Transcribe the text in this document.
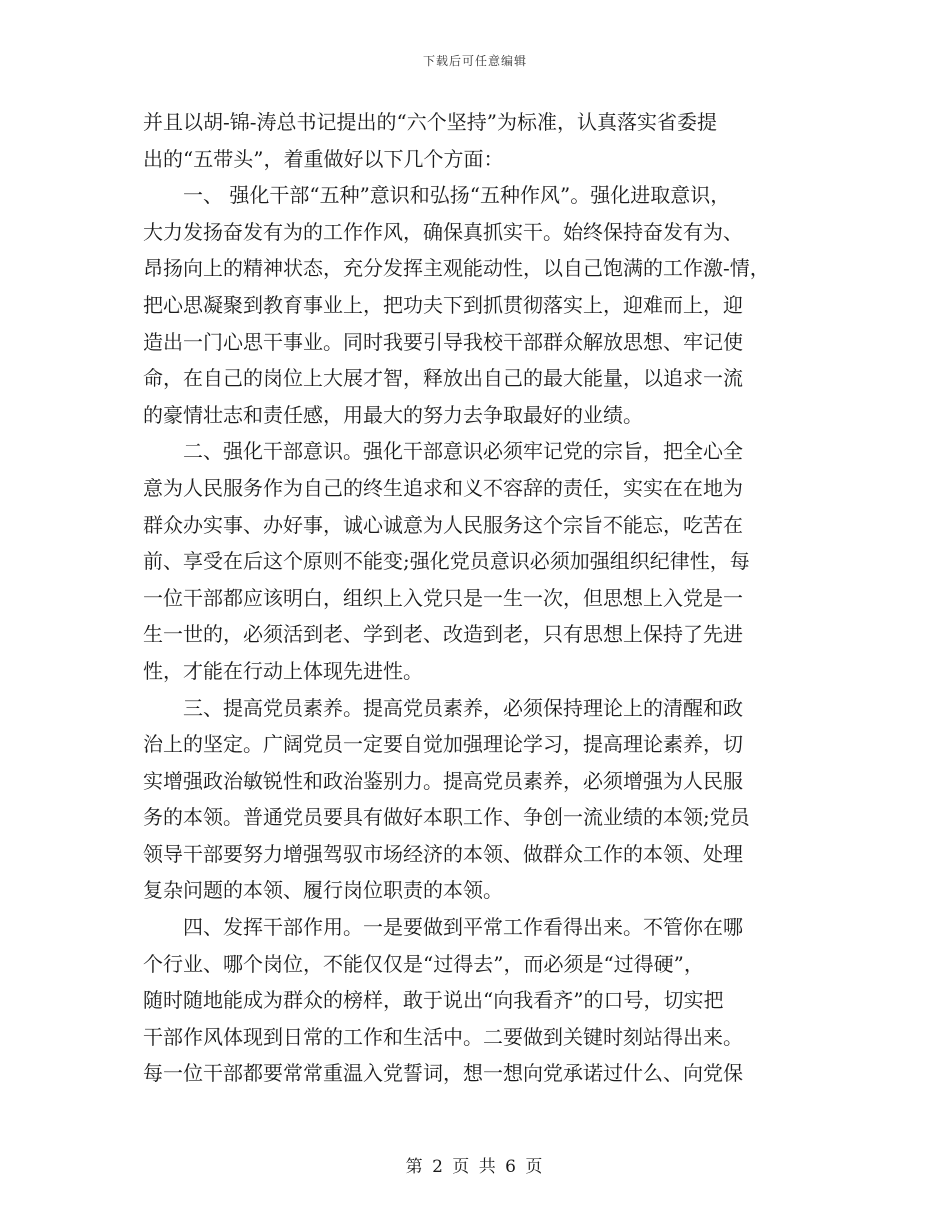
下载后可任意编辑
并且以胡-锦-涛总书记提出的“六个坚持”为标准，认真落实省委提
出的“五带头”，着重做好以下几个方面：
　　一、 强化干部“五种”意识和弘扬“五种作风”。强化进取意识，
大力发扬奋发有为的工作作风，确保真抓实干。始终保持奋发有为、
昂扬向上的精神状态，充分发挥主观能动性，以自己饱满的工作激-情，
把心思凝聚到教育事业上，把功夫下到抓贯彻落实上，迎难而上，迎
造出一门心思干事业。同时我要引导我校干部群众解放思想、牢记使
命，在自己的岗位上大展才智，释放出自己的最大能量，以追求一流
的豪情壮志和责任感，用最大的努力去争取最好的业绩。
　　二、强化干部意识。强化干部意识必须牢记党的宗旨，把全心全
意为人民服务作为自己的终生追求和义不容辞的责任，实实在在地为
群众办实事、办好事，诚心诚意为人民服务这个宗旨不能忘，吃苦在
前、享受在后这个原则不能变;强化党员意识必须加强组织纪律性，每
一位干部都应该明白，组织上入党只是一生一次，但思想上入党是一
生一世的，必须活到老、学到老、改造到老，只有思想上保持了先进
性，才能在行动上体现先进性。
　　三、提高党员素养。提高党员素养，必须保持理论上的清醒和政
治上的坚定。广阔党员一定要自觉加强理论学习，提高理论素养，切
实增强政治敏锐性和政治鉴别力。提高党员素养，必须增强为人民服
务的本领。普通党员要具有做好本职工作、争创一流业绩的本领;党员
领导干部要努力增强驾驭市场经济的本领、做群众工作的本领、处理
复杂问题的本领、履行岗位职责的本领。
　　四、发挥干部作用。一是要做到平常工作看得出来。不管你在哪
个行业、哪个岗位，不能仅仅是“过得去”，而必须是“过得硬”，
随时随地能成为群众的榜样，敢于说出“向我看齐”的口号，切实把
干部作风体现到日常的工作和生活中。二要做到关键时刻站得出来。
每一位干部都要常常重温入党誓词，想一想向党承诺过什么、向党保
第 2 页 共 6 页
